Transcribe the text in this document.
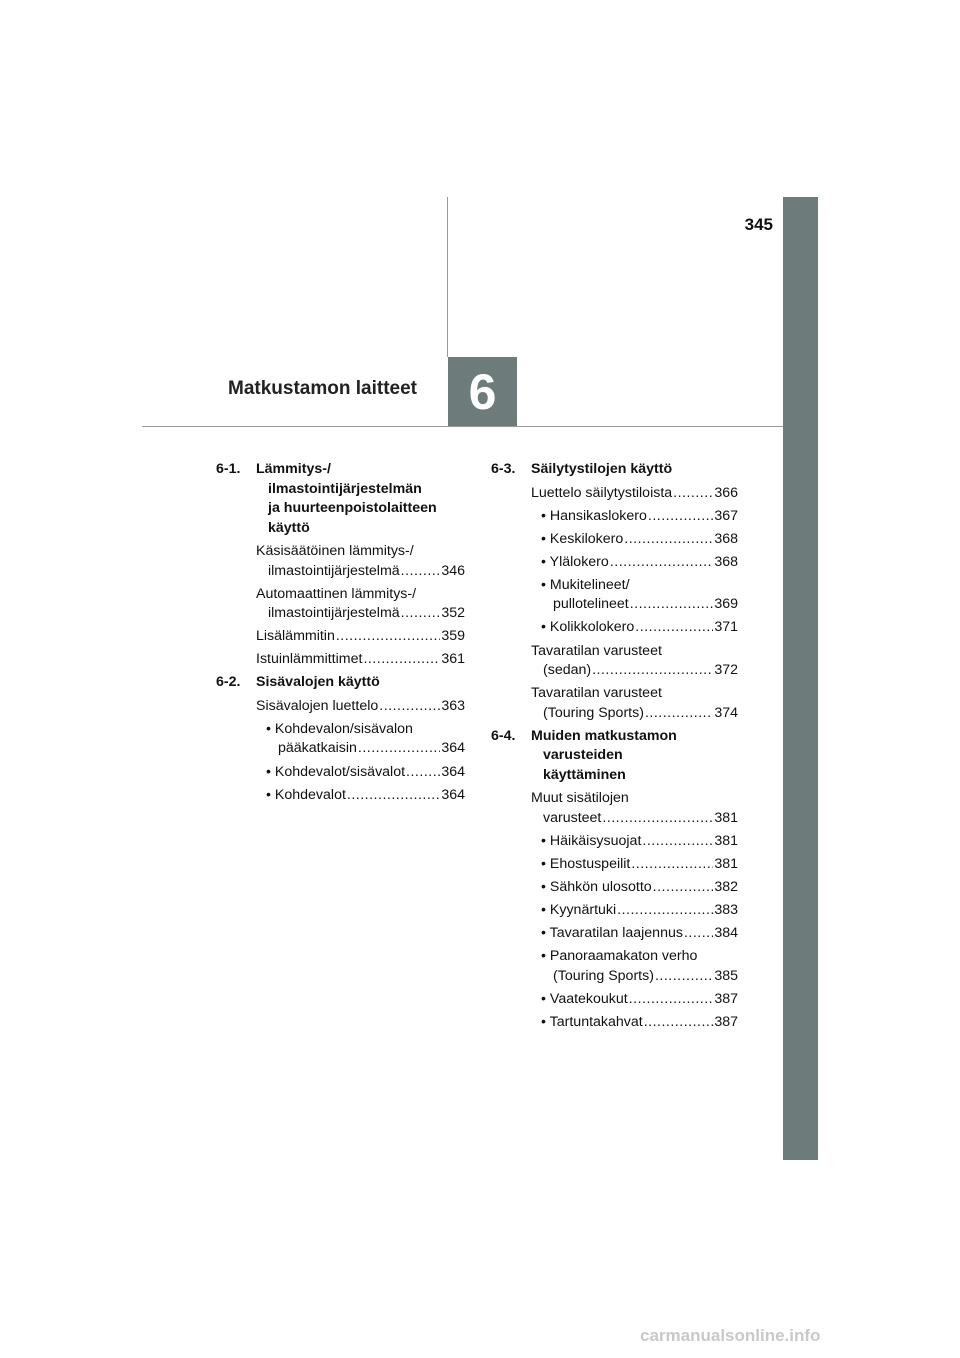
345
Matkustamon laitteet 6
6-1. Lämmitys-/
ilmastointijärjestelmän
ja huurteenpoistolaitteen
käyttö
Käsisäätöinen lämmitys-/
ilmastointijärjestelmä .....	346
Automaattinen lämmitys-/
ilmastointijärjestelmä .....	352
Lisälämmitin .....	359
Istuinlämmittimet .....	361
6-2. Sisävalojen käyttö
Sisävalojen luettelo .....	363
• Kohdevalon/sisävalon
pääkatkaisin .....	364
• Kohdevalot/sisävalot .....	364
• Kohdevalot .....	364
6-3. Säilytystilojen käyttö
Luettelo säilytystiloista .....	366
• Hansikaslokero .....	367
• Keskilokero .....	368
• Ylälokero .....	368
• Mukitelineet/
pullotelineet .....	369
• Kolikkolokero .....	371
Tavaratilan varusteet
(sedan) .....	372
Tavaratilan varusteet
(Touring Sports) .....	374
6-4. Muiden matkustamon
varusteiden
käyttäminen
Muut sisätilojen
varusteet .....	381
• Häikäisysuojat .....	381
• Ehostuspeilit .....	381
• Sähkön ulosotto .....	382
• Kyynärtuki .....	383
• Tavaratilan laajennus ..... 384
• Panoraamakaton verho
(Touring Sports) .....	385
• Vaatekoukut .....	387
• Tartuntakahvat .....	387
carmanualsonline.info
